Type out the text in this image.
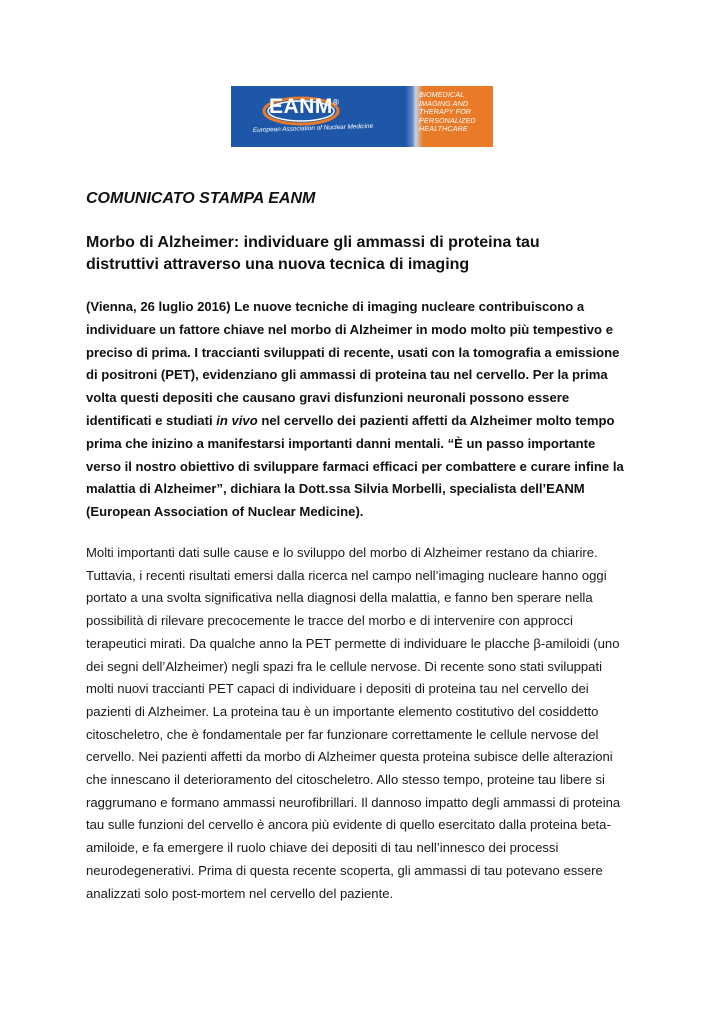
EANM®
European Association of Nuclear Medicine
BIOMEDICAL
IMAGING AND
THERAPY FOR
PERSONALIZED
HEALTHCARE
COMUNICATO STAMPA EANM
Morbo di Alzheimer: individuare gli ammassi di proteina tau
distruttivi attraverso una nuova tecnica di imaging

(Vienna, 26 luglio 2016) Le nuove tecniche di imaging nucleare contribuiscono a
individuare un fattore chiave nel morbo di Alzheimer in modo molto più tempestivo e
preciso di prima. I traccianti sviluppati di recente, usati con la tomografia a emissione
di positroni (PET), evidenziano gli ammassi di proteina tau nel cervello. Per la prima
volta questi depositi che causano gravi disfunzioni neuronali possono essere
identificati e studiati in vivo nel cervello dei pazienti affetti da Alzheimer molto tempo
prima che inizino a manifestarsi importanti danni mentali. “È un passo importante
verso il nostro obiettivo di sviluppare farmaci efficaci per combattere e curare infine la
malattia di Alzheimer”, dichiara la Dott.ssa Silvia Morbelli, specialista dell’EANM
(European Association of Nuclear Medicine).

Molti importanti dati sulle cause e lo sviluppo del morbo di Alzheimer restano da chiarire.
Tuttavia, i recenti risultati emersi dalla ricerca nel campo nell’imaging nucleare hanno oggi
portato a una svolta significativa nella diagnosi della malattia, e fanno ben sperare nella
possibilità di rilevare precocemente le tracce del morbo e di intervenire con approcci
terapeutici mirati. Da qualche anno la PET permette di individuare le placche β-amiloidi (uno
dei segni dell’Alzheimer) negli spazi fra le cellule nervose. Di recente sono stati sviluppati
molti nuovi traccianti PET capaci di individuare i depositi di proteina tau nel cervello dei
pazienti di Alzheimer. La proteina tau è un importante elemento costitutivo del cosiddetto
citoscheletro, che è fondamentale per far funzionare correttamente le cellule nervose del
cervello. Nei pazienti affetti da morbo di Alzheimer questa proteina subisce delle alterazioni
che innescano il deterioramento del citoscheletro. Allo stesso tempo, proteine tau libere si
raggrumano e formano ammassi neurofibrillari. Il dannoso impatto degli ammassi di proteina
tau sulle funzioni del cervello è ancora più evidente di quello esercitato dalla proteina beta-
amiloide, e fa emergere il ruolo chiave dei depositi di tau nell’innesco dei processi
neurodegenerativi. Prima di questa recente scoperta, gli ammassi di tau potevano essere
analizzati solo post-mortem nel cervello del paziente.
